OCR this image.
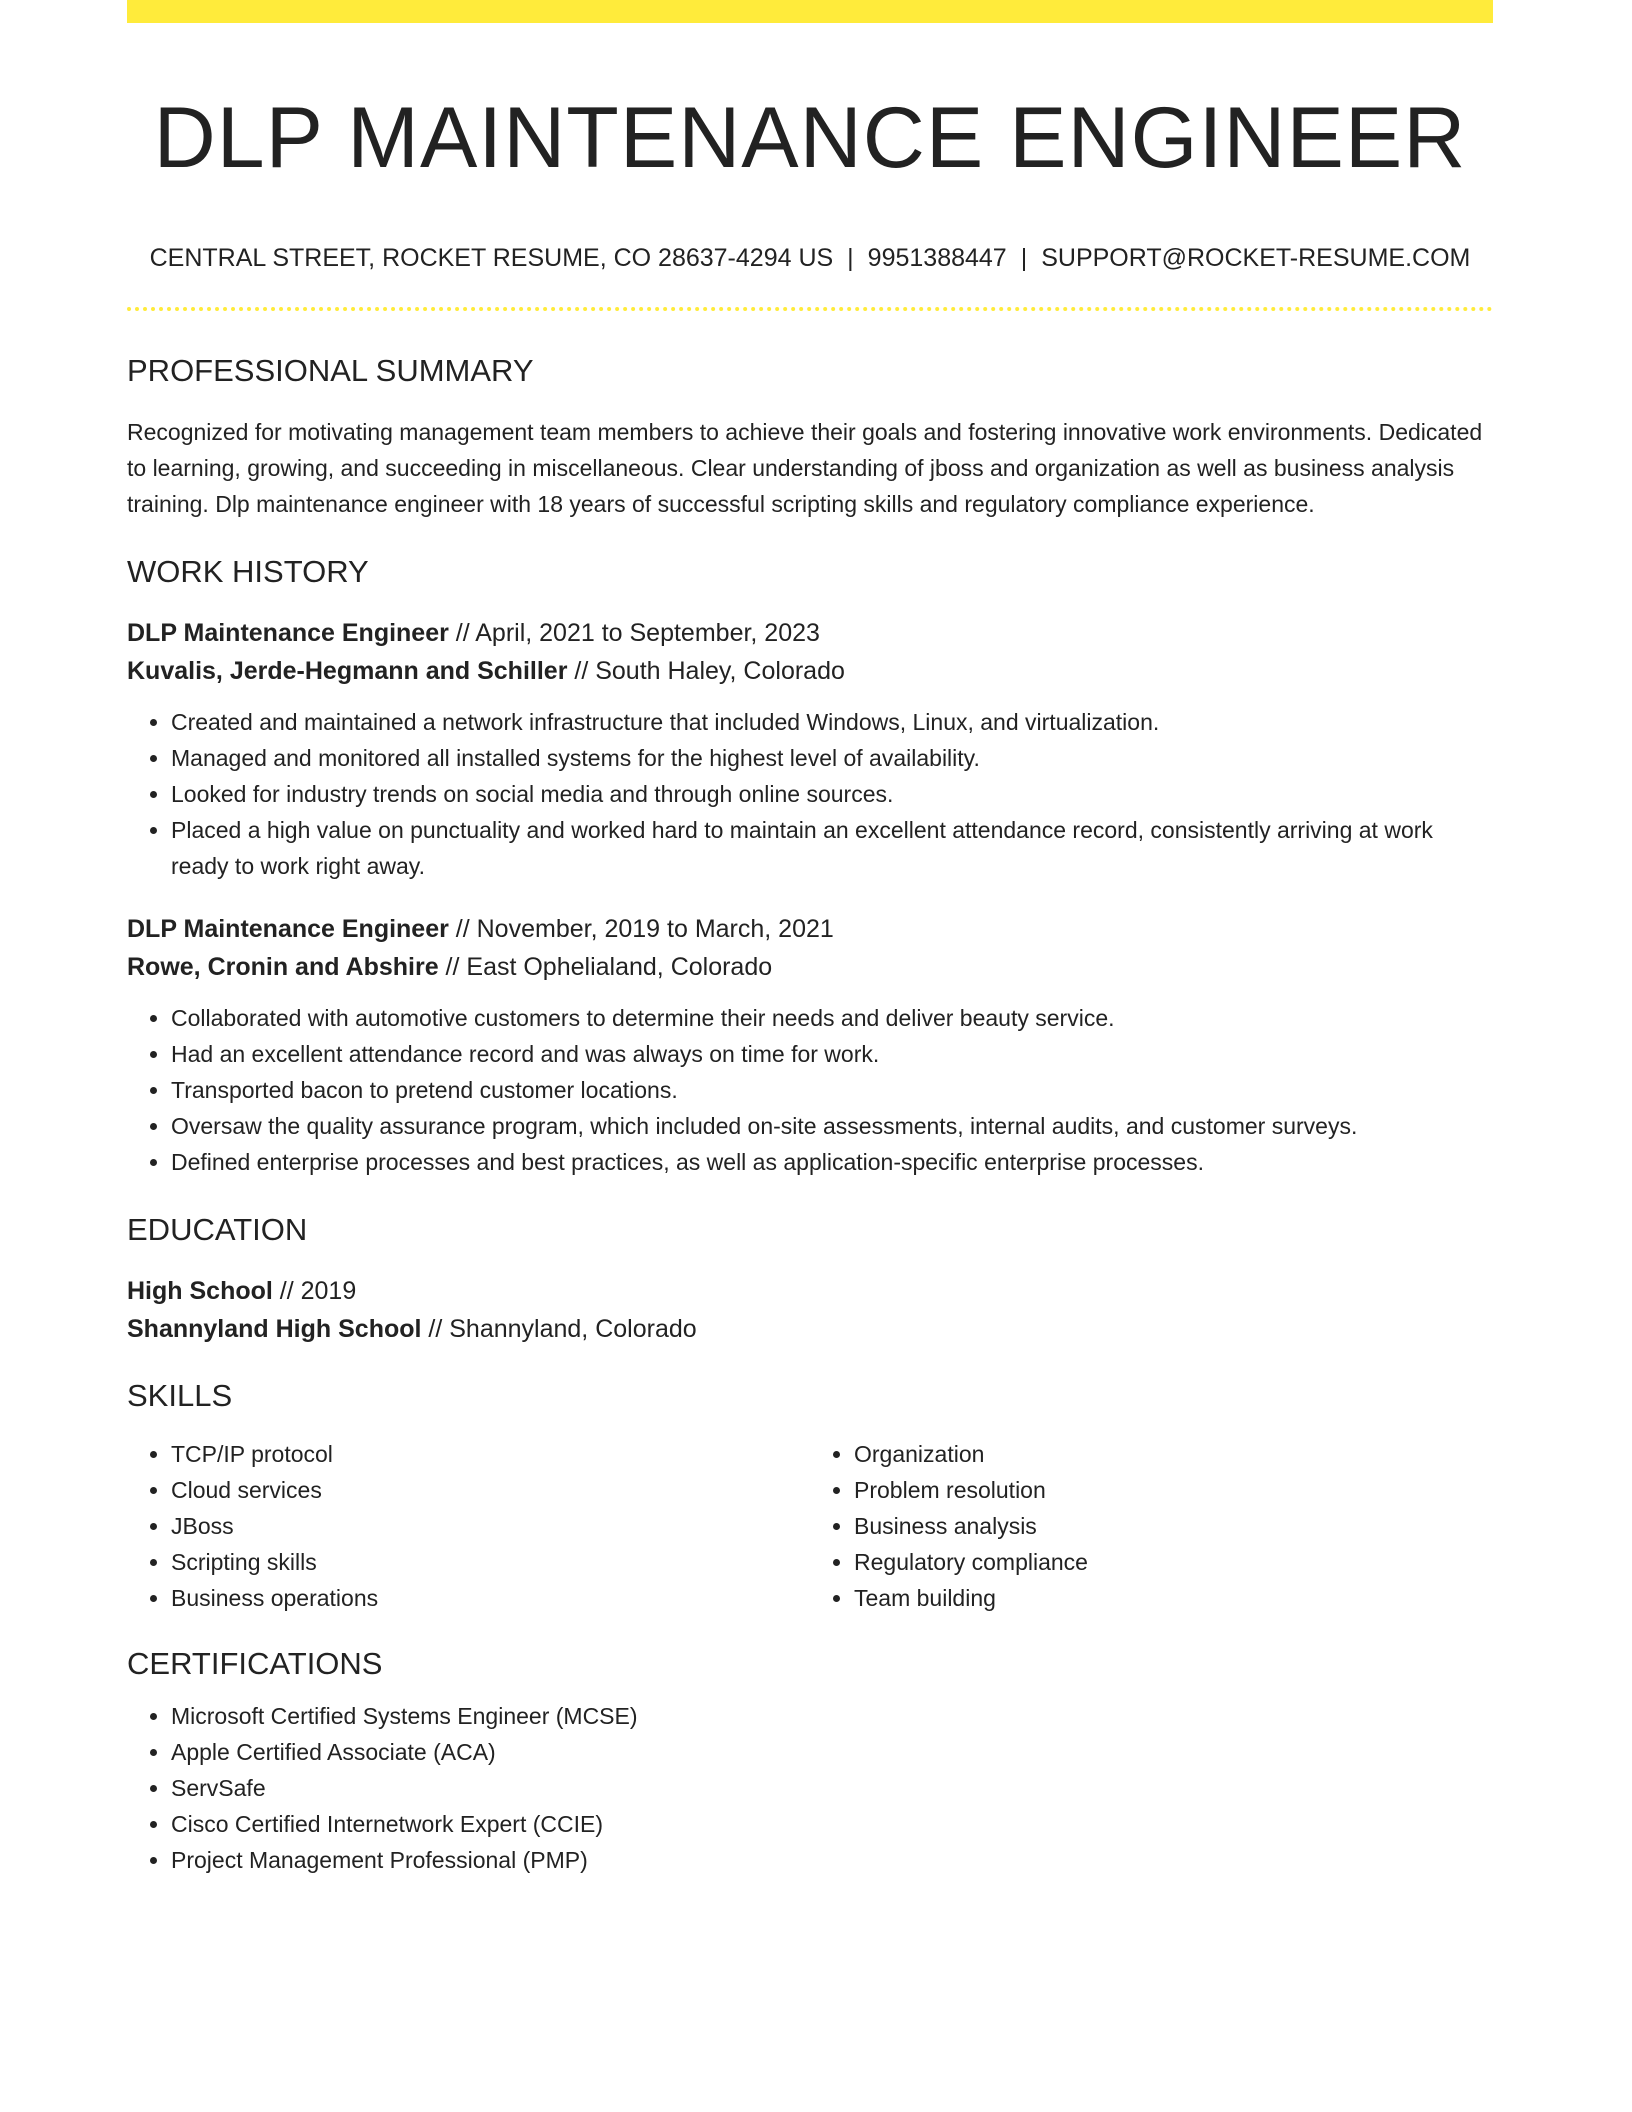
DLP MAINTENANCE ENGINEER
CENTRAL STREET, ROCKET RESUME, CO 28637-4294 US | 9951388447 | SUPPORT@ROCKET-RESUME.COM
PROFESSIONAL SUMMARY
Recognized for motivating management team members to achieve their goals and fostering innovative work environments. Dedicated to learning, growing, and succeeding in miscellaneous. Clear understanding of jboss and organization as well as business analysis training. Dlp maintenance engineer with 18 years of successful scripting skills and regulatory compliance experience.
WORK HISTORY
DLP Maintenance Engineer // April, 2021 to September, 2023
Kuvalis, Jerde-Hegmann and Schiller // South Haley, Colorado
• Created and maintained a network infrastructure that included Windows, Linux, and virtualization.
• Managed and monitored all installed systems for the highest level of availability.
• Looked for industry trends on social media and through online sources.
• Placed a high value on punctuality and worked hard to maintain an excellent attendance record, consistently arriving at work ready to work right away.
DLP Maintenance Engineer // November, 2019 to March, 2021
Rowe, Cronin and Abshire // East Ophelialand, Colorado
• Collaborated with automotive customers to determine their needs and deliver beauty service.
• Had an excellent attendance record and was always on time for work.
• Transported bacon to pretend customer locations.
• Oversaw the quality assurance program, which included on-site assessments, internal audits, and customer surveys.
• Defined enterprise processes and best practices, as well as application-specific enterprise processes.
EDUCATION
High School // 2019
Shannyland High School // Shannyland, Colorado
SKILLS
• TCP/IP protocol
• Cloud services
• JBoss
• Scripting skills
• Business operations
• Organization
• Problem resolution
• Business analysis
• Regulatory compliance
• Team building
CERTIFICATIONS
• Microsoft Certified Systems Engineer (MCSE)
• Apple Certified Associate (ACA)
• ServSafe
• Cisco Certified Internetwork Expert (CCIE)
• Project Management Professional (PMP)
